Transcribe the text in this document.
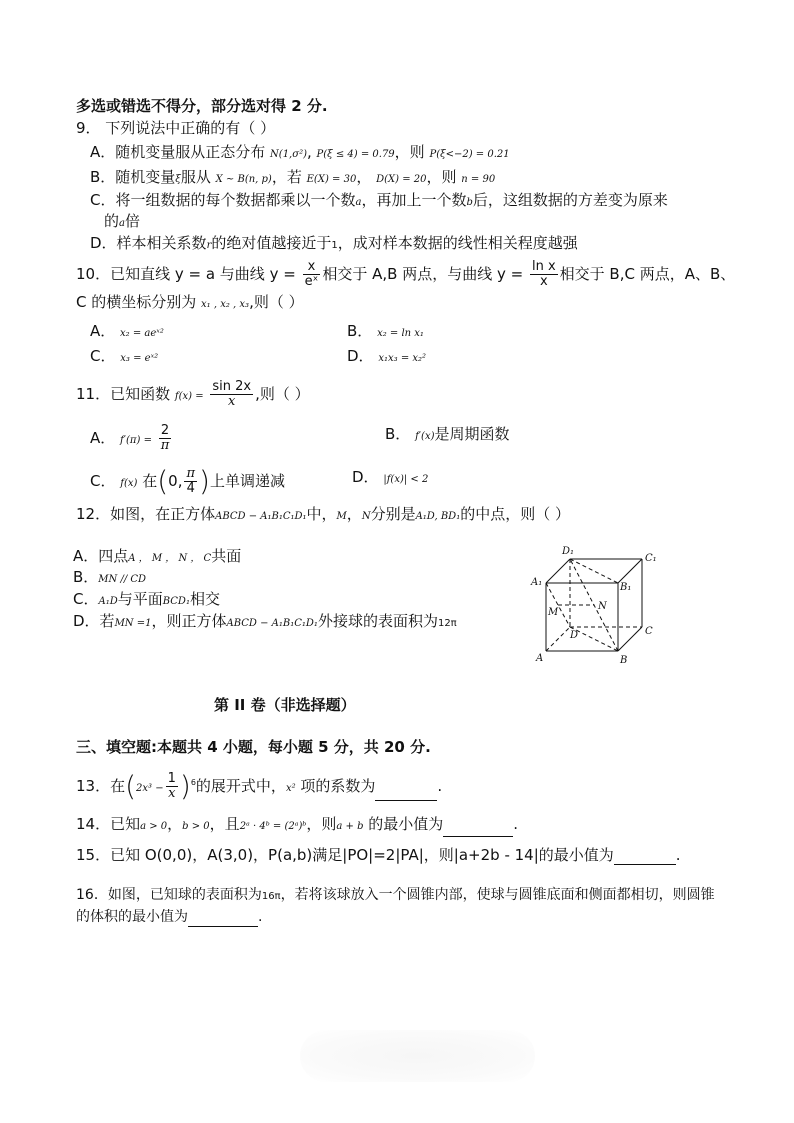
多选或错选不得分，部分选对得 2 分.
9． 下列说法中正确的有（ ）
A．随机变量服从正态分布 N(1,σ²), P(ξ ≤ 4) = 0.79，则 P(ξ<−2) = 0.21
B．随机变量ξ服从 X ~ B(n, p)，若 E(X) = 30， D(X) = 20，则 n = 90
C．将一组数据的每个数据都乘以一个数a，再加上一个数b后，这组数据的方差变为原来
的a倍
D．样本相关系数r的绝对值越接近于1，成对样本数据的线性相关程度越强
10．已知直线 y = a 与曲线 $y = \frac{x}{\text{eˣ}}$ 相交于 A,B 两点，与曲线 $y = \frac{\text{ln x}}{x}$ 相交于 B,C 两点，A、B、
C 的横坐标分别为 x₁ , x₂ , x₃,则（ ）
A． x₂ = aeˣ²	B． x₂ = ln x₁
C． x₃ = eˣ²	D． x₁x₃ = x₂²
11．已知函数 $f(x) = \frac{\sin 2x}{x}$ ,则（ ）
A． $f'(\pi) = \frac{2}{\pi}$	B． f′(x)是周期函数
C． f(x) 在(0, $\frac{\pi}{4}$ )上单调递减	D． |f(x)| < 2
12．如图，在正方体ABCD − A₁B₁C₁D₁中，M，N分别是A₁D, BD₁的中点，则（ ）
A．四点A ， M ， N ， C共面
B．MN // CD
C．A₁D与平面BCD₁相交
D．若MN =1，则正方体ABCD − A₁B₁C₁D₁外接球的表面积为12π
D₁
C₁
A₁	B₁
M
N
D	C
A	B
第 II 卷（非选择题）
三、填空题:本题共 4 小题，每小题 5 分，共 20 分.
13．在$(2x^3 - \frac{1}{x} )^6$的展开式中，x² 项的系数为	.
14．已知a > 0，b > 0，且2ᵃ · 4ᵇ = (2ᵃ)ᵇ，则a + b 的最小值为	.
15．已知 O(0,0)，A(3,0)，P(a,b)满足|PO|=2|PA|，则|a+2b - 14|的最小值为	.
16．如图，已知球的表面积为16π，若将该球放入一个圆锥内部，使球与圆锥底面和侧面都相切，则圆锥
的体积的最小值为	.
